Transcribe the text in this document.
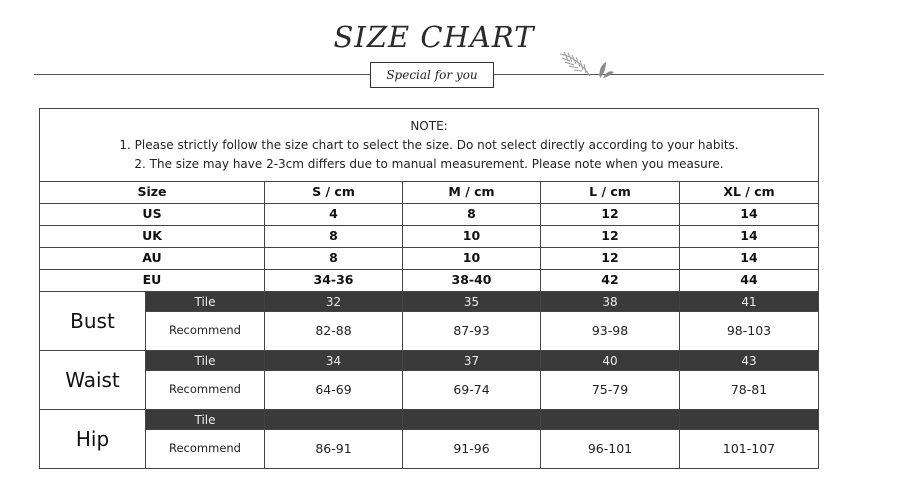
SIZE CHART
Special for you
NOTE:
1. Please strictly follow the size chart to select the size. Do not select directly according to your habits.
2. The size may have 2-3cm differs due to manual measurement. Please note when you measure.					

Size		S / cm	M / cm	L / cm	XL / cm
US		4	8	12	14
UK		8	10	12	14
AU		8	10	12	14
EU		34-36	38-40	42	44
Bust	Tile	32	35	38	41
	Recommend	82-88	87-93	93-98	98-103
Waist	Tile	34	37	40	43
	Recommend	64-69	69-74	75-79	78-81
Hip	Tile				
	Recommend	86-91	91-96	96-101	101-107
